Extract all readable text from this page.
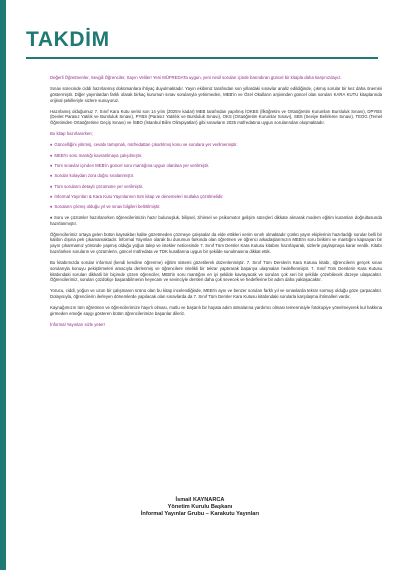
TAKDİM

Değerli Öğretmenler, Sevgili Öğrenciler, Sayın Veliler! Yeni MÜFREDATa uygun, yeni nesil soruları içinde barındıran güncel bir kitapla daha karşınızdayız.

Sınav sürecinde ciddi hazırlanmış dokümanlara ihtiyaç duyulmaktadır. Yayın ekibimiz tarafından son yıllardaki sınavlar analiz edildiğinde, çıkmış sorular bir kez daha önemini göstermiştir. Diğer yayınlardan farklı olarak birkaç kurumun sınav sorularıyla yetinmeden, MEB'in ve Özel Okulların arşivinden güncel olan soruları KARA KUTU kitaplarında orijinal şekilleriyle sizlere sunuyoruz.

Hazırlamış olduğumuz 7. Sınıf Kara Kutu serisi son 14 yılın (2025'e kadar) MEB tarafından yapılmış İOKBS (İlköğretim ve Ortaöğretim Kurumları Bursluluk Sınavı), DPYBS (Devlet Parasız Yatılık ve Bursluluk Sınavı), PYBS (Parasız Yatılılık ve Bursluluk Sınavı), OKS (Ortaöğretim Kurumlar Sınavı), SBS (Seviye Belirleme Sınavı), TEOG (Temel Öğretimden Ortaöğretime Geçiş Sınavı) ve İSBO (İstanbul Bilim Olimpiyatları) gibi sınavların 2025 müfredatına uygun sorularından oluşmaktadır.

Bu kitap hazırlanırken;

♦ Güncelliğini yitirmiş, cevabı tartışmalı, müfredattan çıkartılmış konu ve sorulara yer verilmemiştir.
♦ MEB'in soru mantığı kavratılmaya çalışılmıştır.
♦ Tüm sınavlar içinden MEB'in güncel soru mantığına uygun olanlara yer verilmiştir.
♦ Sorular kolaydan zora doğru sıralanmıştır.
♦ Tüm soruların detaylı çözümüne yer verilmiştir.
♦ İnformal Yayınları & Kara Kutu Yayınlarının tüm kitap ve denemeleri mutlaka çözülmelidir.
♦ Soruların çıkmış olduğu yıl ve sınav bilgileri belirtilmiştir.

♦ Soru ve çözümler hazırlanırken öğrencilerimizin hazır bulunuşluk, bilişsel, zihinsel ve psikomotor gelişim süreçleri dikkate alınarak modern eğitim kuramları doğrultusunda hazırlanmıştır.

Öğrencilerimiz ortaya gelen bütün kaynakları kalite gözetmeden çözmeye çalışsalar da elde ettikleri verim sınırlı olmaktadır çünkü yayın ekiplerinin hazırladığı sorular belli bir kalıbın dışına pek çıkamamaktadır. İnformal Yayınları olarak bu durumun farkında olan öğretmen ve öğrenci arkadaşlarımızın MEB'in soru birikimi ve mantığını kapsayan bir yayın çıkarmamız yönünde yapmış olduğu yoğun talep ve istekler neticesinde 7. Sınıf Tüm Dersler Kara Kutusu kitabını hazırlayarak, sizlerle paylaşmaya karar verdik. Kitabı hazırlarken soruların ve çözümlerin, güncel müfredata ve TDK kurallarına uygun bir şekilde sunulmasına dikkat ettik.

Bu kitabımızda sorular informal (kendi kendine öğrenme) eğitim sistemi gözetilerek düzenlenmiştir. 7. Sınıf Tüm Derslerin Kara Kutusu kitabı, öğrencilerin gerçek sınav sorularıyla konuyu pekiştirmeleri amacıyla derlenmiş ve öğrencilere nitelikli bir tekrar yaptırarak başarıya ulaşmaları hedeflenmiştir. 7. Sınıf Tüm Derslerin Kara Kutusu kitabındaki soruları dikkatli bir biçimde çözen öğrenciler, MEB'in soru mantığını en iyi şekilde kavrayacak ve soruları çok seri bir şekilde çözebilecek düzeye ulaşacaktır. Öğrencilerimiz, soruları çözdükçe başarabilmenin heyecanı ve sevinciyle dersleri daha çok sevecek ve hedeflerine bir adım daha yaklaşacaktır.

Yorucu, ciddi, yoğun ve uzun bir çalışmanın ürünü olan bu kitap incelendiğinde, MEB'in aynı ve benzer soruları farklı yıl ve sınavlarda tekrar sormuş olduğu göze çarpacaktır. Dolayısıyla, öğrencilerin ilerleyen dönemlerde yapılacak olan sınavlarda da 7. Sınıf Tüm Dersler Kara Kutusu kitabındaki sorularla karşılaşma ihtimalleri vardır.

Kaynağımızın tüm öğretmen ve öğrencilerimize hayırlı olması, mutlu ve başarılı bir hayata adım atmalarına yardımcı olması temennisiyle fotokopiye yönelmeyerek kul hakkına girmeden emeğe saygı gösteren bütün öğrencilerimize başarılar dileriz.

İnformal Yayınları sizle yeter!

İsmail KAYNARCA
Yönetim Kurulu Başkanı
İnformal Yayınlar Grubu – Karakutu Yayınları
